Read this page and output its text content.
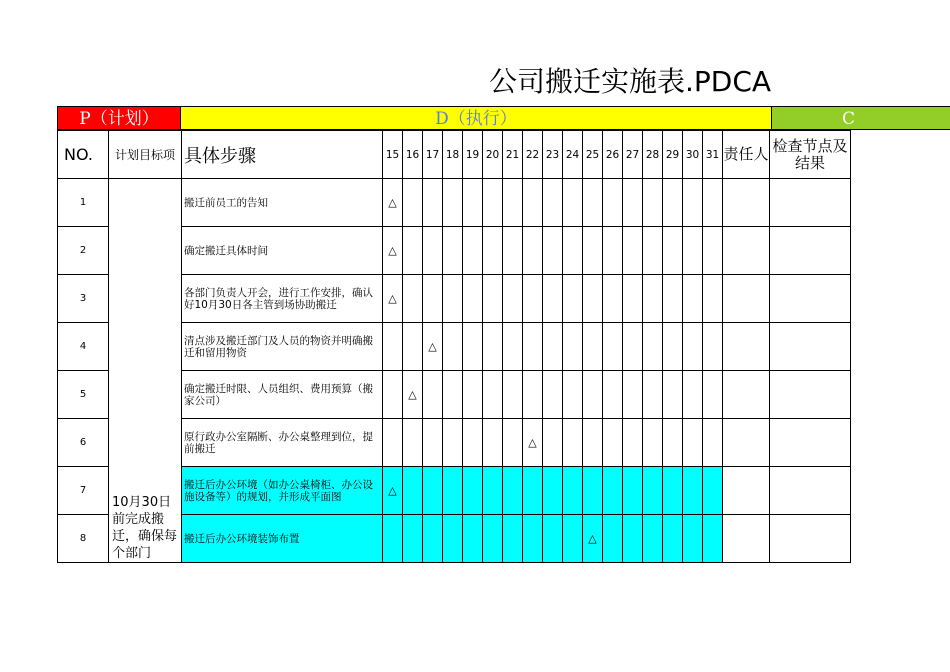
公司搬迁实施表.PDCA
P（计划）	D（执行）	C
NO.	计划目标项	具体步骤	15	16	17	18	19	20	21	22	23	24	25	26	27	28	29	30	31	责任人	检查节点及结果
1	10月30日前完成搬迁，确保每个部门	搬迁前员工的告知	△																		
2		确定搬迁具体时间	△																		
3		各部门负责人开会，进行工作安排，确认好10月30日各主管到场协助搬迁	△																		
4		清点涉及搬迁部门及人员的物资并明确搬迁和留用物资			△																
5		确定搬迁时限、人员组织、费用预算（搬家公司）		△																	
6		原行政办公室隔断、办公桌整理到位，提前搬迁								△											
7		搬迁后办公环境（如办公桌椅柜、办公设施设备等）的规划，并形成平面图	△																		
8		搬迁后办公环境装饰布置											△								
